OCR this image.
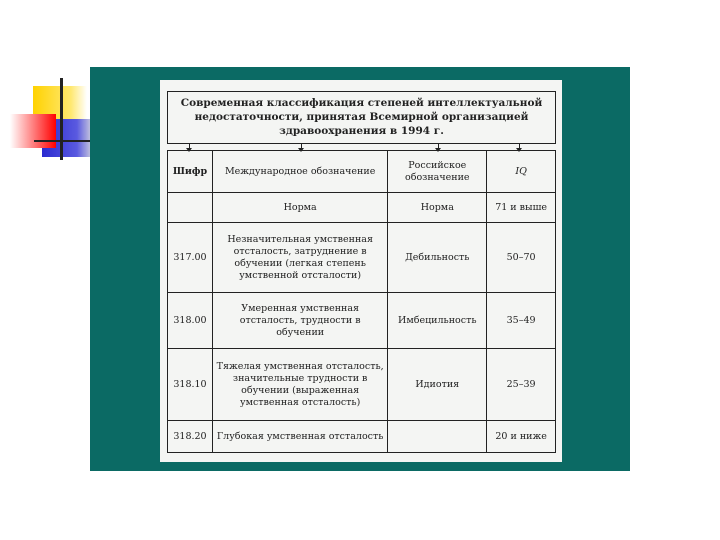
Современная классификация степеней интеллектуальной недостаточности, принятая Всемирной организацией здравоохранения в 1994 г.
Шифр	Международное обозначение	Российское обозначение	IQ
	Норма	Норма	71 и выше
317.00	Незначительная умственная отсталость, затруднение в обучении (легкая степень умственной отсталости)	Дебильность	50–70
318.00	Умеренная умственная отсталость, трудности в обучении	Имбецильность	35–49
318.10	Тяжелая умственная отсталость, значительные трудности в обучении (выраженная умственная отсталость)	Идиотия	25–39
318.20	Глубокая умственная отсталость		20 и ниже
